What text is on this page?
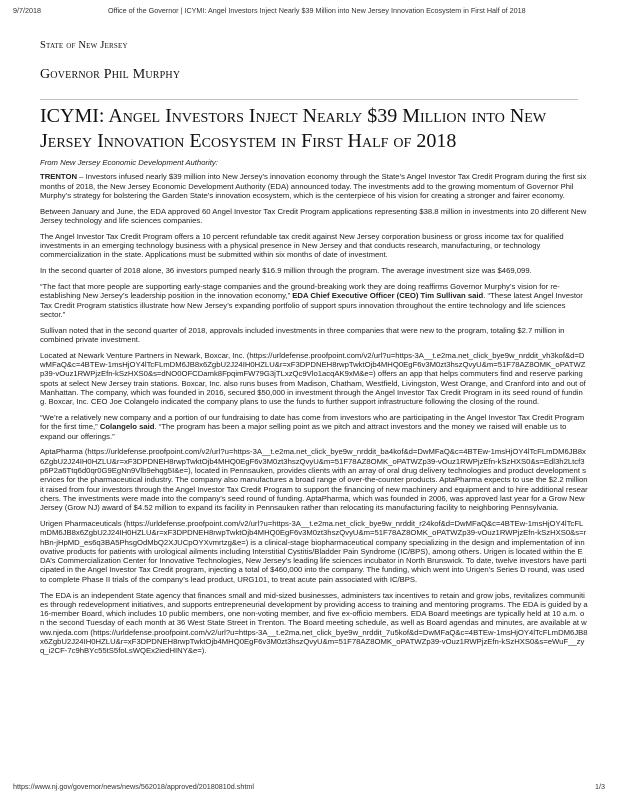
9/7/2018	Office of the Governor | ICYMI: Angel Investors Inject Nearly $39 Million into New Jersey Innovation Ecosystem in First Half of 2018
State of New Jersey
Governor Phil Murphy
ICYMI: Angel Investors Inject Nearly $39 Million into New Jersey Innovation Ecosystem in First Half of 2018

From New Jersey Economic Development Authority:

TRENTON – Investors infused nearly $39 million into New Jersey’s innovation economy through the State’s Angel Investor Tax Credit Program during the first six months of 2018, the New Jersey Economic Development Authority (EDA) announced today. The investments add to the growing momentum of Governor Phil Murphy’s strategy for bolstering the Garden State’s innovation ecosystem, which is the centerpiece of his vision for creating a stronger and fairer economy.

Between January and June, the EDA approved 60 Angel Investor Tax Credit Program applications representing $38.8 million in investments into 20 different New Jersey technology and life sciences companies.

The Angel Investor Tax Credit Program offers a 10 percent refundable tax credit against New Jersey corporation business or gross income tax for qualified investments in an emerging technology business with a physical presence in New Jersey and that conducts research, manufacturing, or technology commercialization in the state. Applications must be submitted within six months of date of investment.

In the second quarter of 2018 alone, 36 investors pumped nearly $16.9 million through the program. The average investment size was $469,099.

“The fact that more people are supporting early-stage companies and the ground-breaking work they are doing reaffirms Governor Murphy’s vision for re-establishing New Jersey’s leadership position in the innovation economy,” EDA Chief Executive Officer (CEO) Tim Sullivan said. “These latest Angel Investor Tax Credit Program statistics illustrate how New Jersey’s expanding portfolio of support spurs innovation throughout the entire technology and life sciences sector.”

Sullivan noted that in the second quarter of 2018, approvals included investments in three companies that were new to the program, totaling $2.7 million in combined private investment.

Located at Newark Venture Partners in Newark, Boxcar, Inc. (https://urldefense.proofpoint.com/v2/url?u=https-3A__t.e2ma.net_click_bye9w_nrddit_vh3kof&d=DwMFaQ&c=4BTEw-1msHjOY4lTcFLmDM6JB8x6ZgbU2J24IH0HZLU&r=xF3DPDNEH8rwpTwktOjb4MHQ0EgF6v3M0zt3hszQvyU&m=51F78AZ8OMK_oPATWZp39-vOuz1RWPjzEfn-kSzHXS0&s=dNO0OFCDamk8FpqimFW79G3jTLxzQc9Vlo1acqAK9xM&e=) offers an app that helps commuters find and reserve parking spots at select New Jersey train stations. Boxcar, Inc. also runs buses from Madison, Chatham, Westfield, Livingston, West Orange, and Cranford into and out of Manhattan. The company, which was founded in 2016, secured $50,000 in investment through the Angel Investor Tax Credit Program in its seed round of funding. Boxcar, Inc. CEO Joe Colangelo indicated the company plans to use the funds to further support infrastructure following the closing of the round.

“We’re a relatively new company and a portion of our fundraising to date has come from investors who are participating in the Angel Investor Tax Credit Program for the first time,” Colangelo said. “The program has been a major selling point as we pitch and attract investors and the money we raised will enable us to expand our offerings.”

AptaPharma (https://urldefense.proofpoint.com/v2/url?u=https-3A__t.e2ma.net_click_bye9w_nrddit_ba4kof&d=DwMFaQ&c=4BTEw-1msHjOY4lTcFLmDM6JB8x6ZgbU2J24IH0HZLU&r=xF3DPDNEH8rwpTwktOjb4MHQ0EgF6v3M0zt3hszQvyU&m=51F78AZ8OMK_oPATWZp39-vOuz1RWPjzEfn-kSzHXS0&s=Edl3h2Ltcf3p6P2a6Ttq6d0qr0G9EgNn9Vlb9ehqg5I&e=), located in Pennsauken, provides clients with an array of oral drug delivery technologies and product development services for the pharmaceutical industry. The company also manufactures a broad range of over-the-counter products. AptaPharma expects to use the $2.2 million it raised from four investors through the Angel Investor Tax Credit Program to support the financing of new machinery and equipment and to hire additional researchers. The investments were made into the company’s seed round of funding. AptaPharma, which was founded in 2006, was approved last year for a Grow New Jersey (Grow NJ) award of $4.52 million to expand its facility in Pennsauken rather than relocating its manufacturing facility to neighboring Pennsylvania.

Urigen Pharmaceuticals (https://urldefense.proofpoint.com/v2/url?u=https-3A__t.e2ma.net_click_bye9w_nrddit_r24kof&d=DwMFaQ&c=4BTEw-1msHjOY4lTcFLmDM6JB8x6ZgbU2J24IH0HZLU&r=xF3DPDNEH8rwpTwktOjb4MHQ0EgF6v3M0zt3hszQvyU&m=51F78AZ8OMK_oPATWZp39-vOuz1RWPjzEfn-kSzHXS0&s=rhBn-jHpMD_es6q3BA5PhsgOdMbQ2XJUCpOYXvmrtzg&e=) is a clinical-stage biopharmaceutical company specializing in the design and implementation of innovative products for patients with urological ailments including Interstitial Cystitis/Bladder Pain Syndrome (IC/BPS), among others. Urigen is located within the EDA’s Commercialization Center for Innovative Technologies, New Jersey’s leading life sciences incubator in North Brunswick. To date, twelve investors have participated in the Angel Investor Tax Credit program, injecting a total of $460,000 into the company. The funding, which went into Urigen’s Series D round, was used to complete Phase II trials of the company’s lead product, URG101, to treat acute pain associated with IC/BPS.

The EDA is an independent State agency that finances small and mid-sized businesses, administers tax incentives to retain and grow jobs, revitalizes communities through redevelopment initiatives, and supports entrepreneurial development by providing access to training and mentoring programs. The EDA is guided by a 16-member Board, which includes 10 public members, one non-voting member, and five ex-officio members. EDA Board meetings are typically held at 10 a.m. on the second Tuesday of each month at 36 West State Street in Trenton. The Board meeting schedule, as well as Board agendas and minutes, are available at www.njeda.com (https://urldefense.proofpoint.com/v2/url?u=https-3A__t.e2ma.net_click_bye9w_nrddit_7u5kof&d=DwMFaQ&c=4BTEw-1msHjOY4lTcFLmDM6JB8x6ZgbU2J24IH0HZLU&r=xF3DPDNEH8rwpTwktOjb4MHQ0EgF6v3M0zt3hszQvyU&m=51F78AZ8OMK_oPATWZp39-vOuz1RWPjzEfn-kSzHXS0&s=eWuF__zyq_i2CF-7c9hBYc55tS5foLsWQEx2iedHINY&e=).

https://www.nj.gov/governor/news/news/562018/approved/20180810d.shtml	1/3
